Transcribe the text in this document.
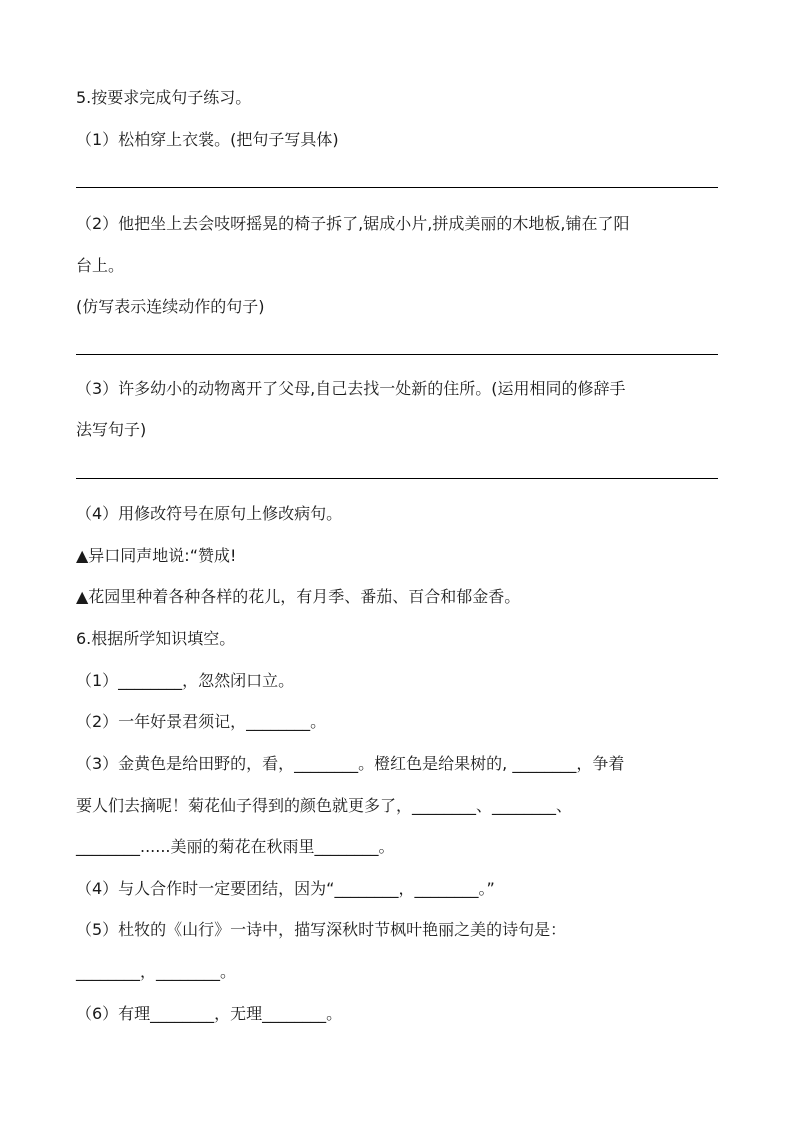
5.按要求完成句子练习。
（1）松柏穿上衣裳。(把句子写具体)
（2）他把坐上去会吱呀摇晃的椅子拆了,锯成小片,拼成美丽的木地板,铺在了阳
台上。
(仿写表示连续动作的句子)
（3）许多幼小的动物离开了父母,自己去找一处新的住所。(运用相同的修辞手
法写句子)
（4）用修改符号在原句上修改病句。
▲异口同声地说:“赞成!
▲花园里种着各种各样的花儿，有月季、番茄、百合和郁金香。
6.根据所学知识填空。
（1）________，忽然闭口立。
（2）一年好景君须记，________。
（3）金黄色是给田野的，看，________。橙红色是给果树的, ________，争着
要人们去摘呢！菊花仙子得到的颜色就更多了，________、________、
________......美丽的菊花在秋雨里________。
（4）与人合作时一定要团结，因为“________，________。”
（5）杜牧的《山行》一诗中，描写深秋时节枫叶艳丽之美的诗句是：
________，________。
（6）有理________，无理________。
